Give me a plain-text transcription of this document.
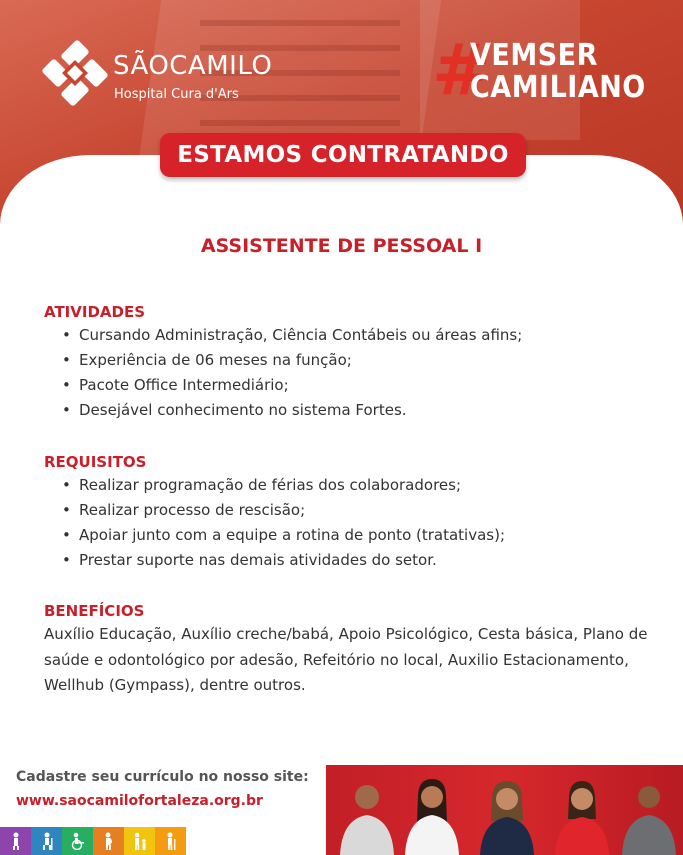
SÃOCAMILO
Hospital Cura d'Ars	#
VEMSER
CAMILIANO
ESTAMOS CONTRATANDO
ASSISTENTE DE PESSOAL I
ATIVIDADES
• Cursando Administração, Ciência Contábeis ou áreas afins;
• Experiência de 06 meses na função;
• Pacote Office Intermediário;
• Desejável conhecimento no sistema Fortes.
REQUISITOS
• Realizar programação de férias dos colaboradores;
• Realizar processo de rescisão;
• Apoiar junto com a equipe a rotina de ponto (tratativas);
• Prestar suporte nas demais atividades do setor.
BENEFÍCIOS
Auxílio Educação, Auxílio creche/babá, Apoio Psicológico, Cesta básica, Plano de saúde e odontológico por adesão, Refeitório no local, Auxilio Estacionamento, Wellhub (Gympass), dentre outros.
Cadastre seu currículo no nosso site:
www.saocamilofortaleza.org.br
